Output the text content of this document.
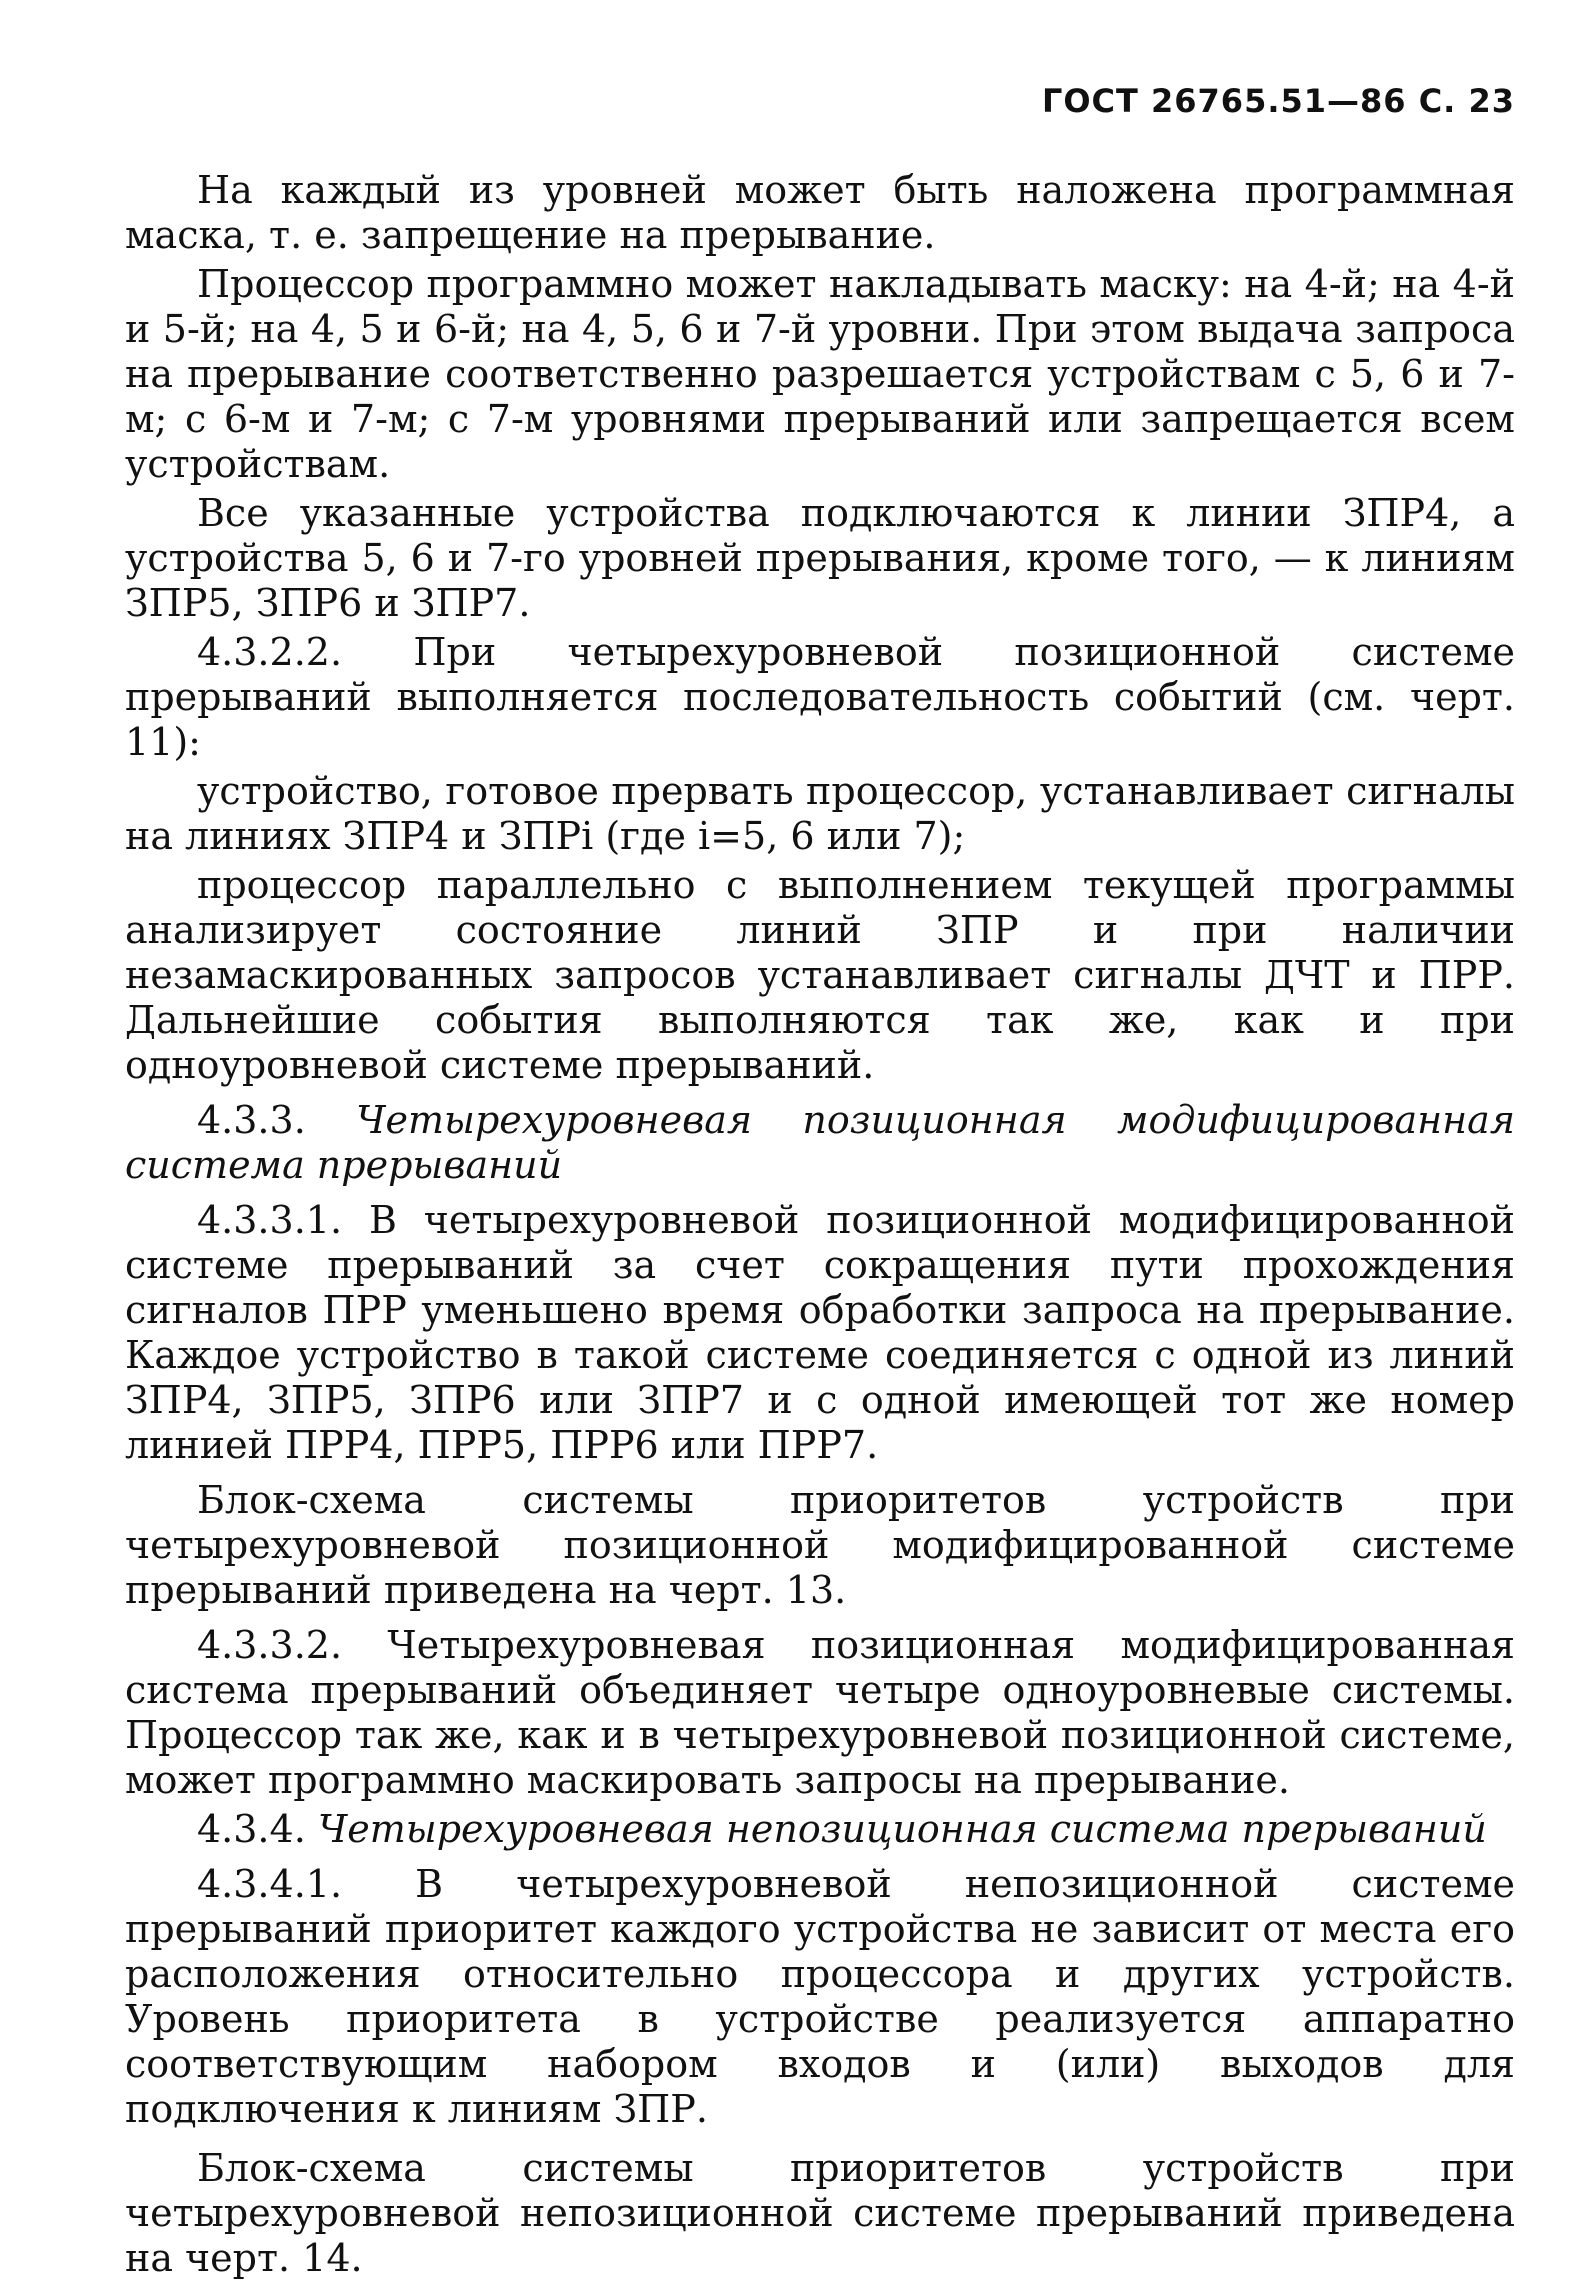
ГОСТ 26765.51—86 С. 23

На каждый из уровней может быть наложена программная маска, т. е. запрещение на прерывание.

Процессор программно может накладывать маску: на 4-й; на 4-й и 5-й; на 4, 5 и 6-й; на 4, 5, 6 и 7-й уровни. При этом выдача запроса на прерывание соответственно разрешается устройствам с 5, 6 и 7-м; с 6-м и 7-м; с 7-м уровнями прерываний или запрещается всем устройствам.

Все указанные устройства подключаются к линии ЗПР4, а устройства 5, 6 и 7-го уровней прерывания, кроме того, — к линиям ЗПР5, ЗПР6 и ЗПР7.

4.3.2.2. При четырехуровневой позиционной системе прерываний выполняется последовательность событий (см. черт. 11):

устройство, готовое прервать процессор, устанавливает сигналы на линиях ЗПР4 и ЗПРi (где i=5, 6 или 7);

процессор параллельно с выполнением текущей программы анализирует состояние линий ЗПР и при наличии незамаскированных запросов устанавливает сигналы ДЧТ и ПРР. Дальнейшие события выполняются так же, как и при одноуровневой системе прерываний.

4.3.3. Четырехуровневая позиционная модифицированная система прерываний

4.3.3.1. В четырехуровневой позиционной модифицированной системе прерываний за счет сокращения пути прохождения сигналов ПРР уменьшено время обработки запроса на прерывание. Каждое устройство в такой системе соединяется с одной из линий ЗПР4, ЗПР5, ЗПР6 или ЗПР7 и с одной имеющей тот же номер линией ПРР4, ПРР5, ПРР6 или ПРР7.

Блок-схема системы приоритетов устройств при четырехуровневой позиционной модифицированной системе прерываний приведена на черт. 13.

4.3.3.2. Четырехуровневая позиционная модифицированная система прерываний объединяет четыре одноуровневые системы. Процессор так же, как и в четырехуровневой позиционной системе, может программно маскировать запросы на прерывание.

4.3.4. Четырехуровневая непозиционная система прерываний

4.3.4.1. В четырехуровневой непозиционной системе прерываний приоритет каждого устройства не зависит от места его расположения относительно процессора и других устройств. Уровень приоритета в устройстве реализуется аппаратно соответствующим набором входов и (или) выходов для подключения к линиям ЗПР.

Блок-схема системы приоритетов устройств при четырехуровневой непозиционной системе прерываний приведена на черт. 14.
